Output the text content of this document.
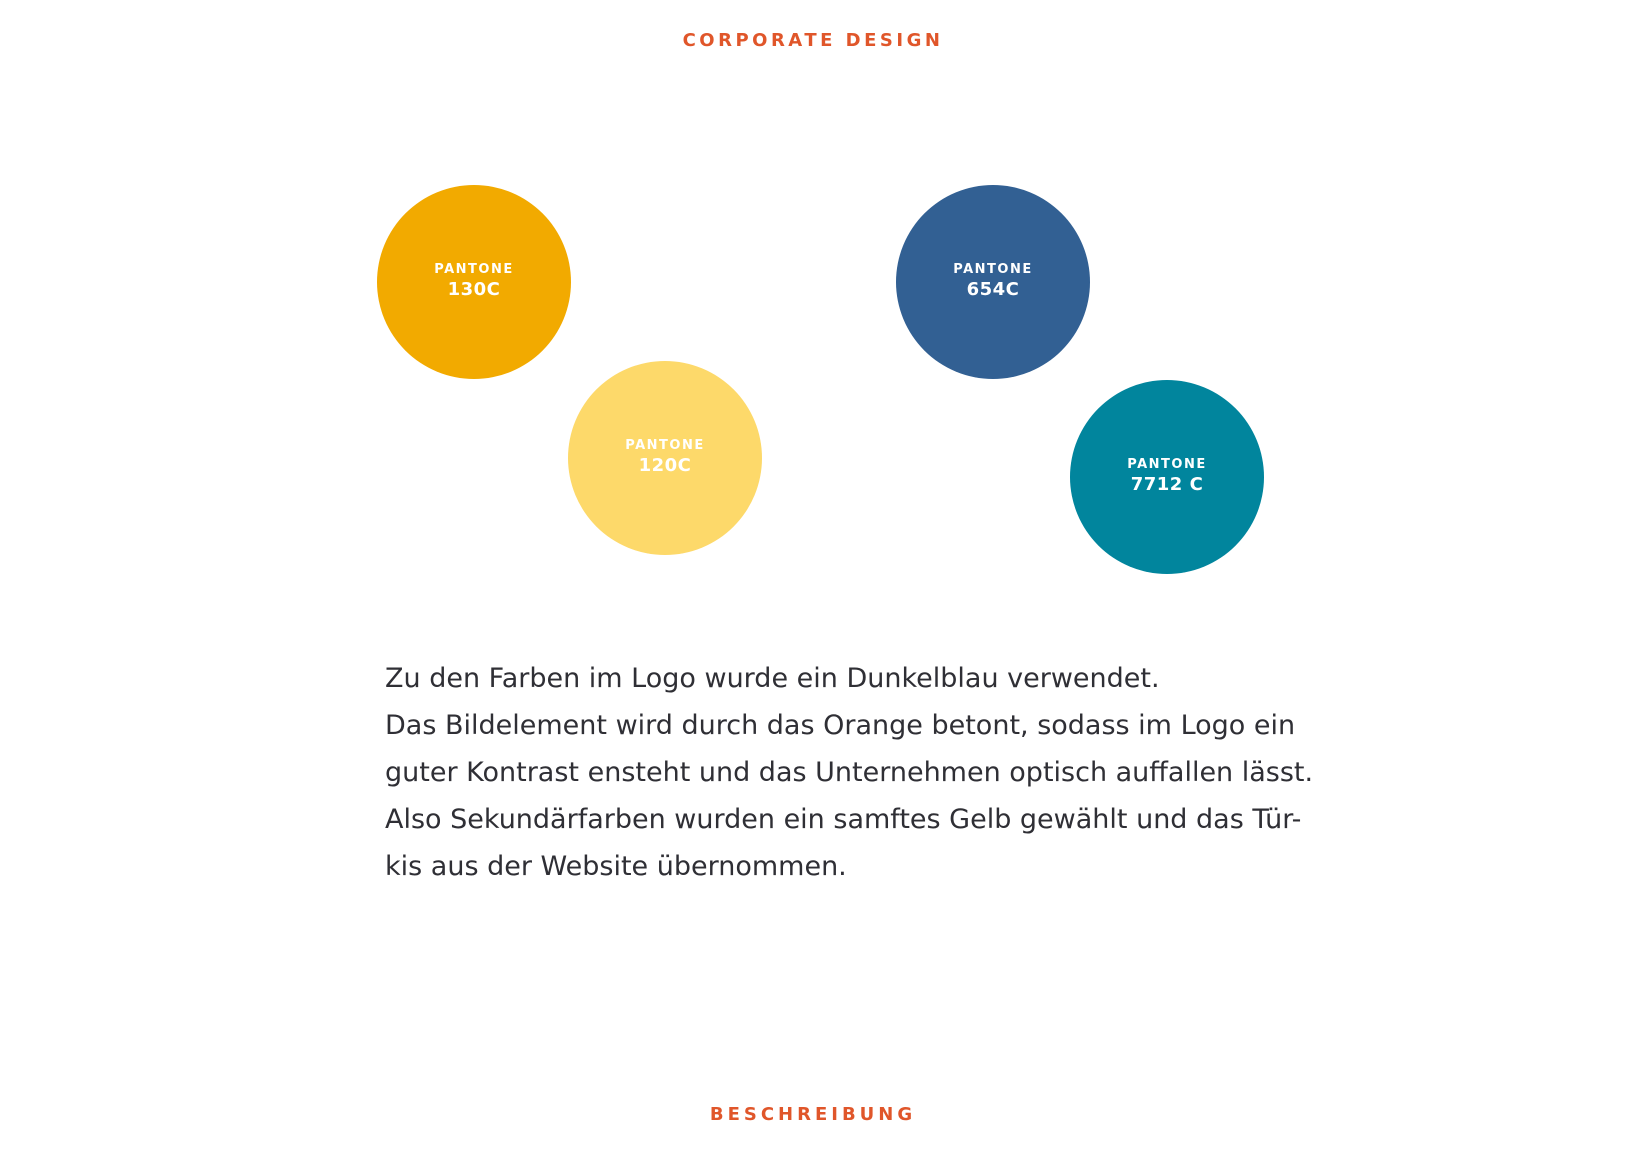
CORPORATE DESIGN
PANTONE
130C
PANTONE
120C
PANTONE
654C
PANTONE
7712 C
Zu den Farben im Logo wurde ein Dunkelblau verwendet.
Das Bildelement wird durch das Orange betont, sodass im Logo ein
guter Kontrast ensteht und das Unternehmen optisch auffallen lässt.
Also Sekundärfarben wurden ein samftes Gelb gewählt und das Tür-
kis aus der Website übernommen.
BESCHREIBUNG
